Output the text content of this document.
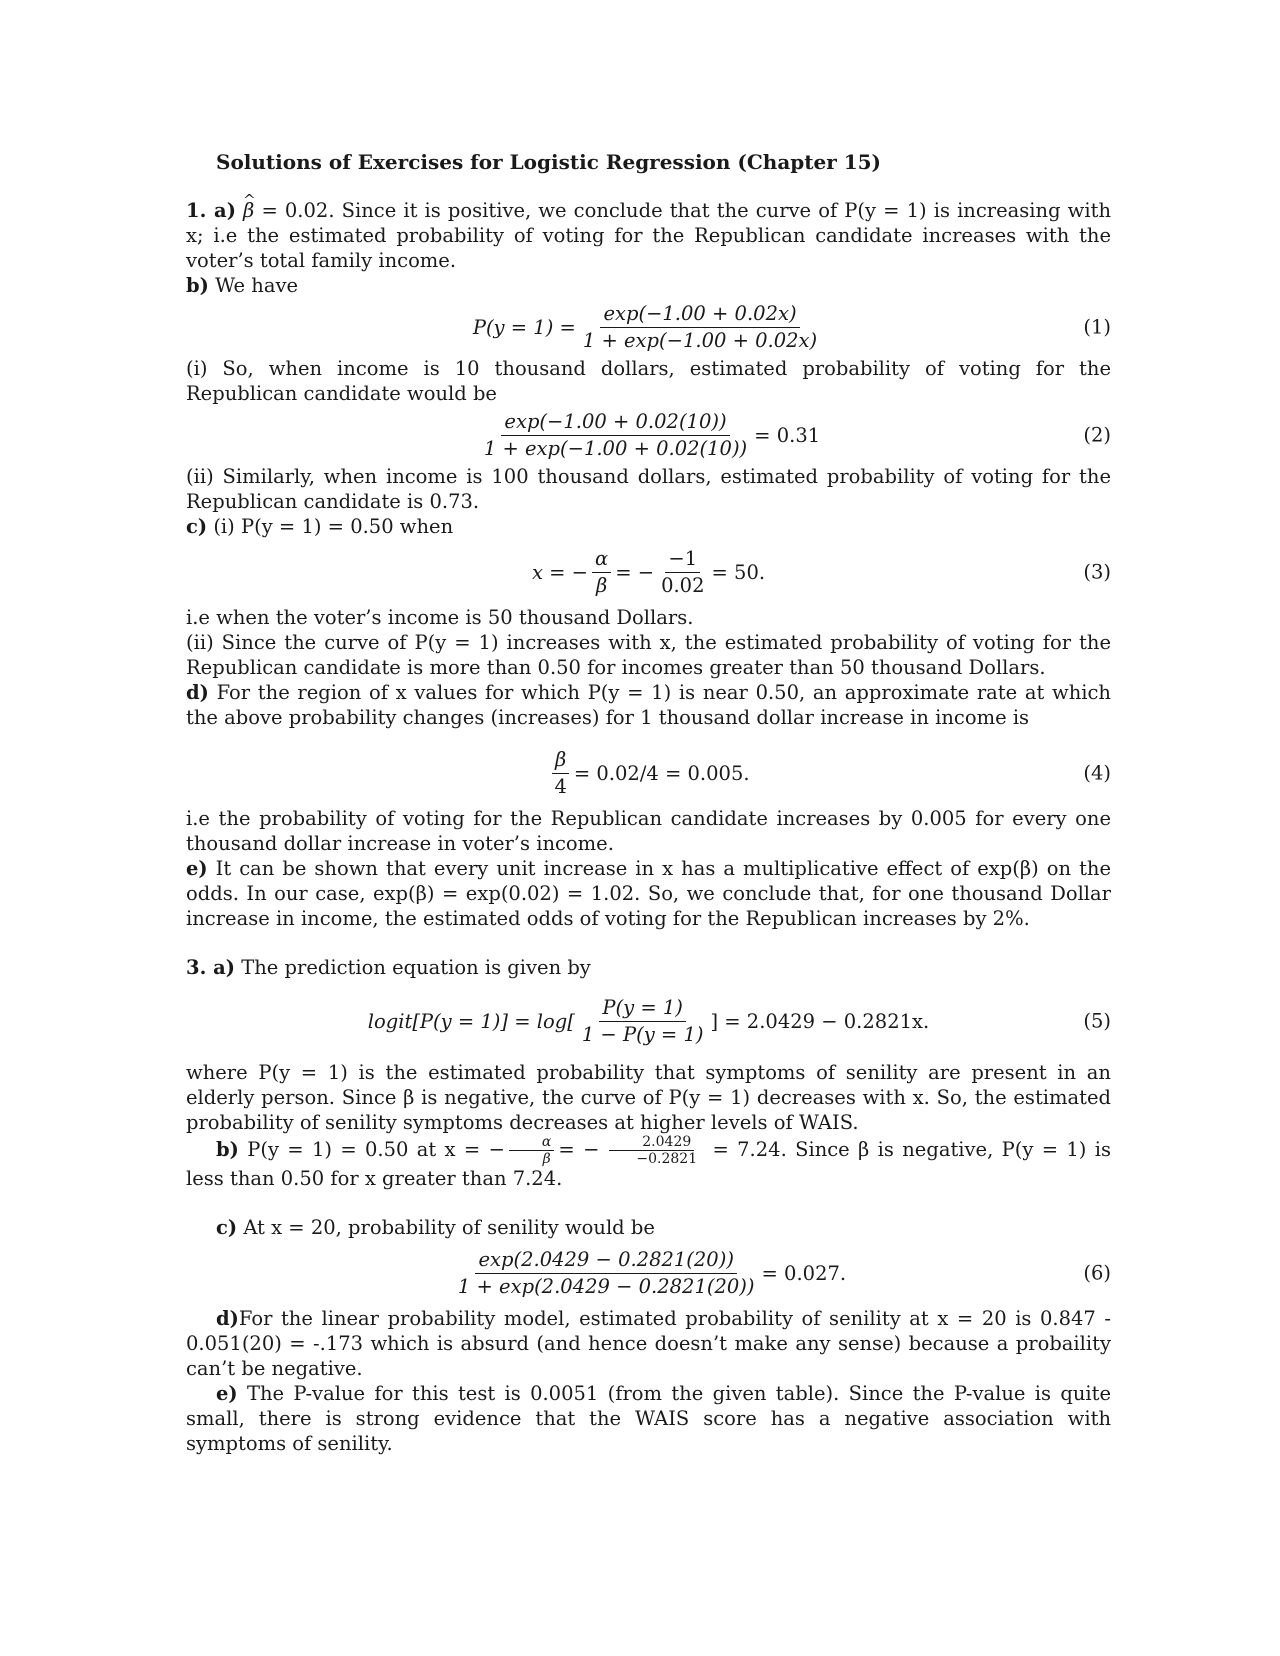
Solutions of Exercises for Logistic Regression (Chapter 15)

1. a) ^ β = 0.02. Since it is positive, we conclude that the curve of P(y = 1) is increasing with x; i.e the estimated probability of voting for the Republican candidate increases with the voter’s total family income.

b) We have

$P(y = 1) = \frac{\exp(-1.00 + 0.02x)}{1 + \exp(-1.00 + 0.02x)}$	(1)

(i) So, when income is 10 thousand dollars, estimated probability of voting for the Republican candidate would be

$\frac{\exp(-1.00 + 0.02(10))}{1 + \exp(-1.00 + 0.02(10))} = 0.31$	(2)

(ii) Similarly, when income is 100 thousand dollars, estimated probability of voting for the Republican candidate is 0.73.

c) (i) P(y = 1) = 0.50 when

x = − $\frac{\alpha}{\beta}$ = − $\frac{-1}{0.02} = 50$.	(3)

i.e when the voter’s income is 50 thousand Dollars.

(ii) Since the curve of P(y = 1) increases with x, the estimated probability of voting for the Republican candidate is more than 0.50 for incomes greater than 50 thousand Dollars.

d) For the region of x values for which P(y = 1) is near 0.50, an approximate rate at which the above probability changes (increases) for 1 thousand dollar increase in income is

$\frac{\beta}{4} = 0.02/4 = 0.005$.	(4)

i.e the probability of voting for the Republican candidate increases by 0.005 for every one thousand dollar increase in voter’s income.

e) It can be shown that every unit increase in x has a multiplicative effect of exp(β) on the odds. In our case, exp(β) = exp(0.02) = 1.02. So, we conclude that, for one thousand Dollar increase in income, the estimated odds of voting for the Republican increases by 2%.

3. a) The prediction equation is given by

logit[P(y = $1)] = \log[ \frac{P(y = 1)}{1 - P(y = 1)}$ ] = 2.0429 − 0.2821x.	(5)

where P(y = 1) is the estimated probability that symptoms of senility are present in an elderly person. Since β is negative, the curve of P(y = 1) decreases with x. So, the estimated probability of senility symptoms decreases at higher levels of WAIS.

b) P(y = 1) = 0.50 at x = − $\frac{\alpha}{\beta}$ = − $\frac{2.0429}{-0.2821} = 7.24$. Since β is negative, P(y = 1) is less than 0.50 for x greater than 7.24.

c) At x = 20, probability of senility would be

$\frac{\exp(2.0429 - 0.2821(20))}{1 + \exp(2.0429 - 0.2821(20))} = 0.027$.	(6)

d)For the linear probability model, estimated probability of senility at x = 20 is 0.847 - 0.051(20) = -.173 which is absurd (and hence doesn’t make any sense) because a probaility can’t be negative.

e) The P-value for this test is 0.0051 (from the given table). Since the P-value is quite small, there is strong evidence that the WAIS score has a negative association with symptoms of senility.
